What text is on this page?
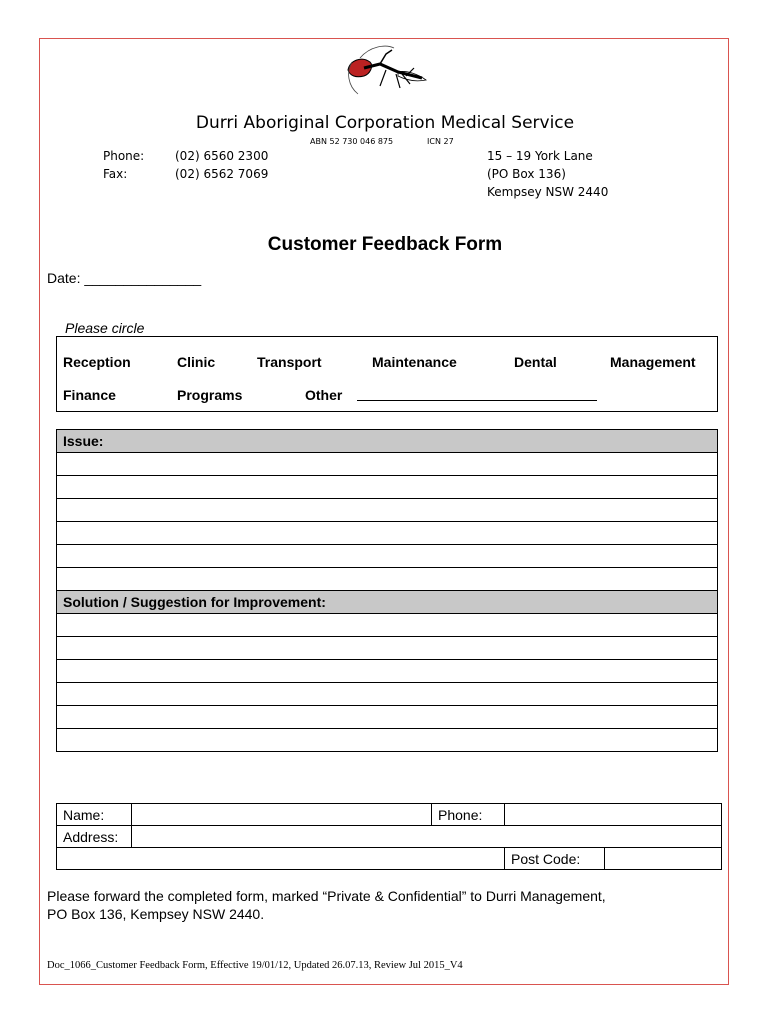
Durri Aboriginal Corporation Medical Service
ABN 52 730 046 875	ICN 27
Phone:	(02) 6560 2300
Fax:	(02) 6562 7069
15 – 19 York Lane
(PO Box 136)
Kempsey NSW 2440
Customer Feedback Form
Date: _______________
Please circle
Reception	Clinic	Transport	Maintenance	Dental	Management
Finance	Programs	Other
Issue:

Solution / Suggestion for Improvement:

Name:		Phone:		
Address:				
			Post Code:	
Please forward the completed form, marked “Private & Confidential” to Durri Management,
PO Box 136, Kempsey NSW 2440.
Doc_1066_Customer Feedback Form, Effective 19/01/12, Updated 26.07.13, Review Jul 2015_V4
